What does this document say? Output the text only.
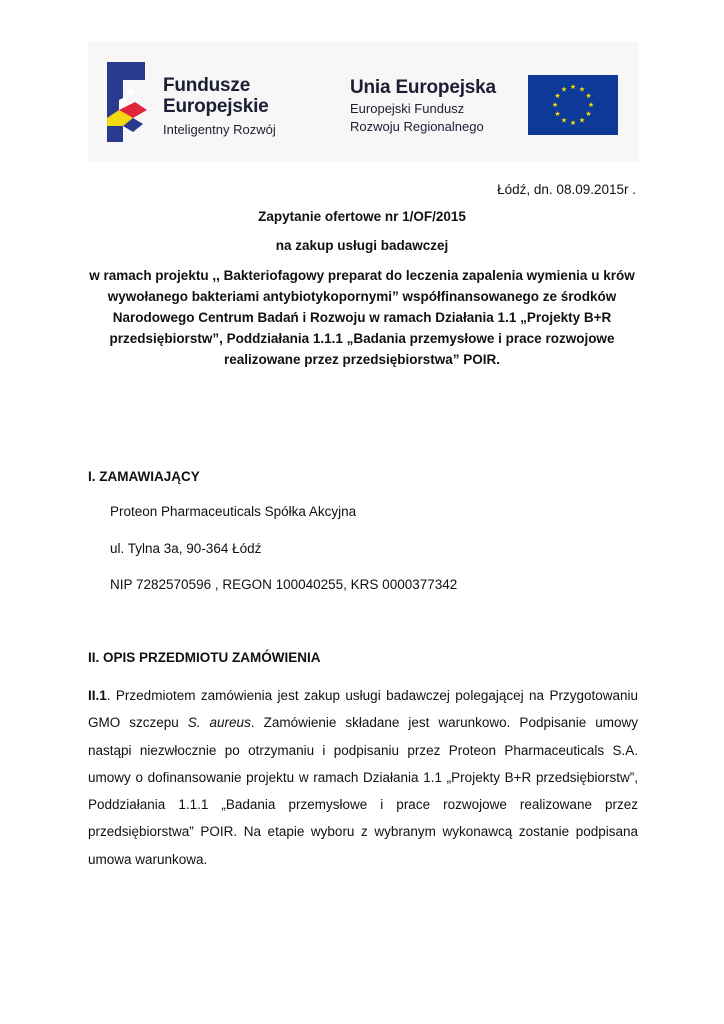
Fundusze
Europejskie
Inteligentny Rozwój
Unia Europejska
Europejski Fundusz
Rozwoju Regionalnego
★ ★
★
★
★
★
★
★
★
★
★
★
Łódź, dn. 08.09.2015r .
Zapytanie ofertowe nr 1/OF/2015
na zakup usługi badawczej
w ramach projektu ,, Bakteriofagowy preparat do leczenia zapalenia wymienia u krów wywołanego bakteriami antybiotykopornymi” współfinansowanego ze środków Narodowego Centrum Badań i Rozwoju w ramach Działania 1.1 „Projekty B+R przedsiębiorstw”, Poddziałania 1.1.1 „Badania przemysłowe i prace rozwojowe realizowane przez przedsiębiorstwa” POIR.
I. ZAMAWIAJĄCY
Proteon Pharmaceuticals Spółka Akcyjna
ul. Tylna 3a, 90-364 Łódź
NIP 7282570596 , REGON 100040255, KRS 0000377342
II. OPIS PRZEDMIOTU ZAMÓWIENIA
II.1. Przedmiotem zamówienia jest zakup usługi badawczej polegającej na Przygotowaniu GMO szczepu S. aureus. Zamówienie składane jest warunkowo. Podpisanie umowy nastąpi niezwłocznie po otrzymaniu i podpisaniu przez Proteon Pharmaceuticals S.A. umowy o dofinansowanie projektu w ramach Działania 1.1 „Projekty B+R przedsiębiorstw”, Poddziałania 1.1.1 „Badania przemysłowe i prace rozwojowe realizowane przez przedsiębiorstwa” POIR. Na etapie wyboru z wybranym wykonawcą zostanie podpisana umowa warunkowa.
